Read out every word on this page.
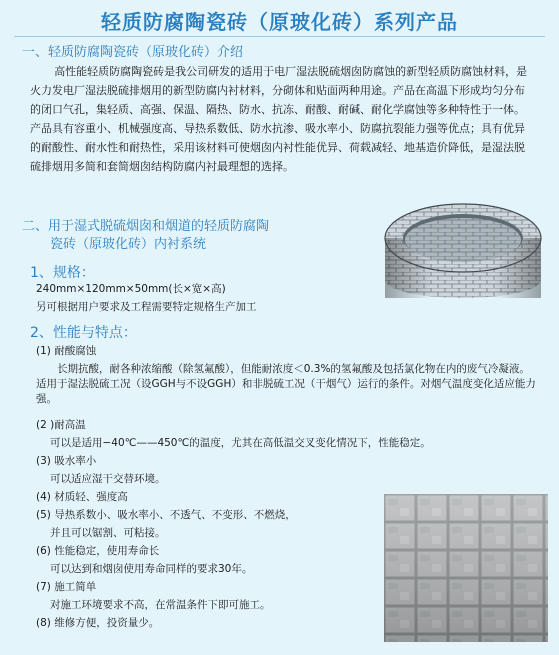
轻质防腐陶瓷砖（原玻化砖）系列产品
一、轻质防腐陶瓷砖（原玻化砖）介绍
高性能轻质防腐陶瓷砖是我公司研发的适用于电厂湿法脱硫烟囱防腐蚀的新型轻质防腐蚀材料，是火力发电厂湿法脱硫排烟用的新型防腐内衬材料，分砌体和贴面两种用途。产品在高温下形成均匀分布的闭口气孔，集轻质、高强、保温、隔热、防水、抗冻、耐酸、耐碱、耐化学腐蚀等多种特性于一体。产品具有容重小、机械强度高、导热系数低、防水抗渗、吸水率小、防腐抗裂能力强等优点；具有优异的耐酸性、耐水性和耐热性，采用该材料可使烟囱内衬性能优异、荷载减轻、地基造价降低，是湿法脱硫排烟用多简和套简烟囱结构防腐内衬最理想的选择。
二、用于湿式脱硫烟囱和烟道的轻质防腐陶
瓷砖（原玻化砖）内衬系统
1、规格：
240mm×120mm×50mm(长×宽×高)
另可根据用户要求及工程需要特定规格生产加工
2、性能与特点：
(1) 耐酸腐蚀
长期抗酸，耐各种浓缩酸（除氢氟酸），但能耐浓度＜0.3%的氢氟酸及包括氯化物在内的废气冷凝液。适用于湿法脱硫工况（设GGH与不设GGH）和非脱硫工况（干烟气）运行的条件。对烟气温度变化适应能力强。
(2 )耐高温
可以是适用−40℃——450℃的温度，尤其在高低温交叉变化情况下，性能稳定。
(3) 吸水率小
可以适应湿干交替环境。
(4) 材质轻、强度高
(5) 导热系数小、吸水率小、不透气、不变形、不燃烧，
并且可以锯割、可粘接。
(6) 性能稳定，使用寿命长
可以达到和烟囱使用寿命同样的要求30年。
(7) 施工简单
对施工环境要求不高，在常温条件下即可施工。
(8) 维修方便，投资量少。
